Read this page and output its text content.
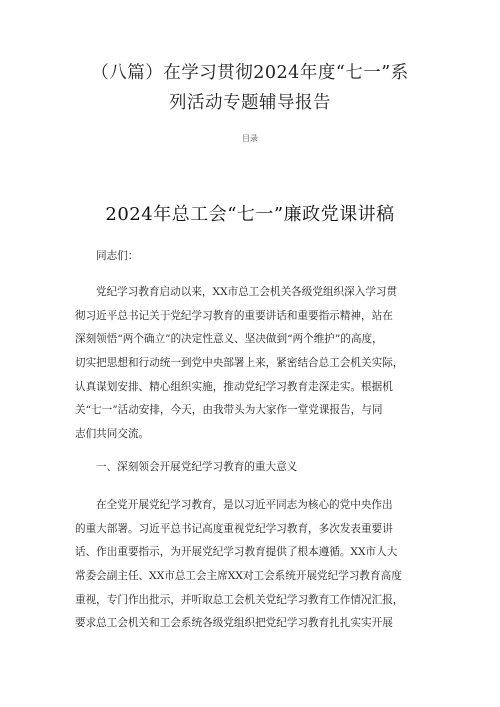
（八篇）在学习贯彻2024年度“七一”系
列活动专题辅导报告
目录
2024年总工会“七一”廉政党课讲稿
同志们：
党纪学习教育启动以来，XX市总工会机关各级党组织深入学习贯
彻习近平总书记关于党纪学习教育的重要讲话和重要指示精神，站在
深刻领悟“两个确立”的决定性意义、坚决做到“两个维护”的高度，
切实把思想和行动统一到党中央部署上来，紧密结合总工会机关实际，
认真谋划安排、精心组织实施，推动党纪学习教育走深走实。根据机
关“七一”活动安排，今天，由我带头为大家作一堂党课报告，与同
志们共同交流。
一、深刻领会开展党纪学习教育的重大意义
在全党开展党纪学习教育，是以习近平同志为核心的党中央作出
的重大部署。习近平总书记高度重视党纪学习教育，多次发表重要讲
话、作出重要指示，为开展党纪学习教育提供了根本遵循。XX市人大
常委会副主任、XX市总工会主席XX对工会系统开展党纪学习教育高度
重视，专门作出批示，并听取总工会机关党纪学习教育工作情况汇报，
要求总工会机关和工会系统各级党组织把党纪学习教育扎扎实实开展
